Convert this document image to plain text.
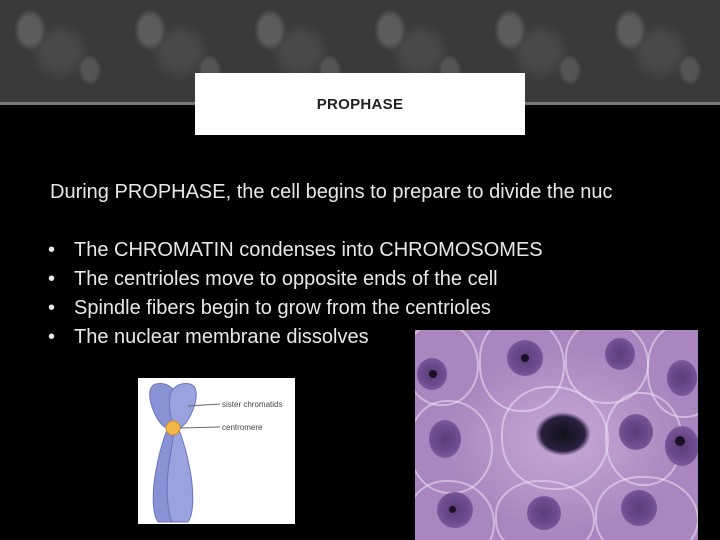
PROPHASE
During PROPHASE, the cell begins to prepare to divide the nuc
• The CHROMATIN condenses into CHROMOSOMES
• The centrioles move to opposite ends of the cell
• Spindle fibers begin to grow from the centrioles
• The nuclear membrane dissolves
sister chromatids
centromere
